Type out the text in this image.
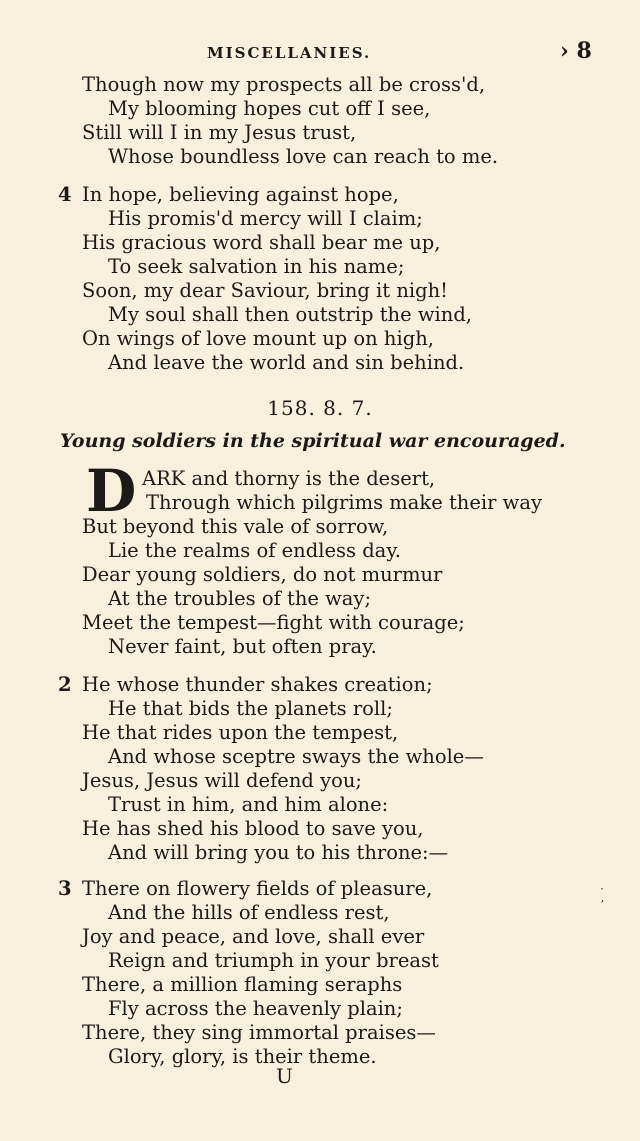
MISCELLANIES.	› 8
Though now my prospects all be cross'd,
My blooming hopes cut off I see,
Still will I in my Jesus trust,
Whose boundless love can reach to me.
4 In hope, believing against hope,
His promis'd mercy will I claim;
His gracious word shall bear me up,
To seek salvation in his name;
Soon, my dear Saviour, bring it nigh!
My soul shall then outstrip the wind,
On wings of love mount up on high,
And leave the world and sin behind.
158. 8. 7.
Young soldiers in the spiritual war encouraged.
D ARK and thorny is the desert,
Through which pilgrims make their way
But beyond this vale of sorrow,
Lie the realms of endless day.
Dear young soldiers, do not murmur
At the troubles of the way;
Meet the tempest—fight with courage;
Never faint, but often pray.
2 He whose thunder shakes creation;
He that bids the planets roll;
He that rides upon the tempest,
And whose sceptre sways the whole—
Jesus, Jesus will defend you;
Trust in him, and him alone:
He has shed his blood to save you,
And will bring you to his throne:—
3 There on flowery fields of pleasure,
And the hills of endless rest,
Joy and peace, and love, shall ever
Reign and triumph in your breast
There, a million flaming seraphs
Fly across the heavenly plain;
There, they sing immortal praises—
Glory, glory, is their theme.
U
·
ʼ
